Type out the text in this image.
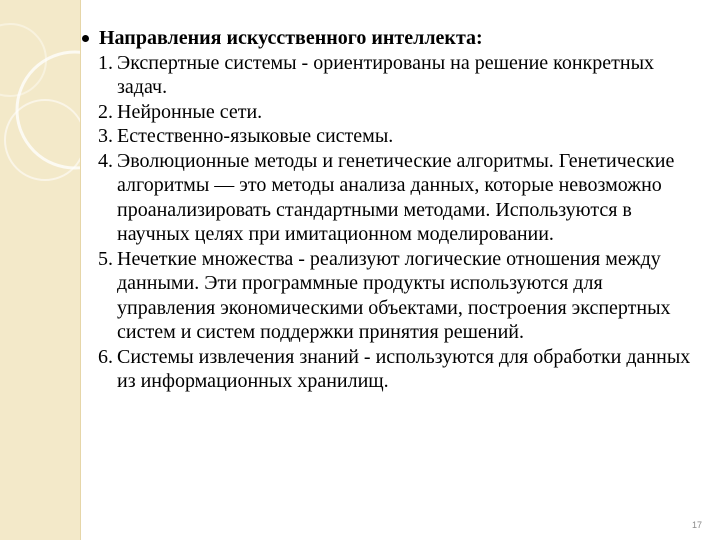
Направления искусственного интеллекта:
1. Экспертные системы - ориентированы на решение конкретных задач.
2. Нейронные сети.
3. Естественно-языковые системы.
4. Эволюционные методы и генетические алгоритмы. Генетические алгоритмы — это методы анализа данных, которые невозможно проанализировать стандартными методами. Используются в научных целях при имитационном моделировании.
5. Нечеткие множества - реализуют логические отношения между данными. Эти программные продукты используются для управления экономическими объектами, построения экспертных систем и систем поддержки принятия решений.
6. Системы извлечения знаний - используются для обработки данных из информационных хранилищ.
17
